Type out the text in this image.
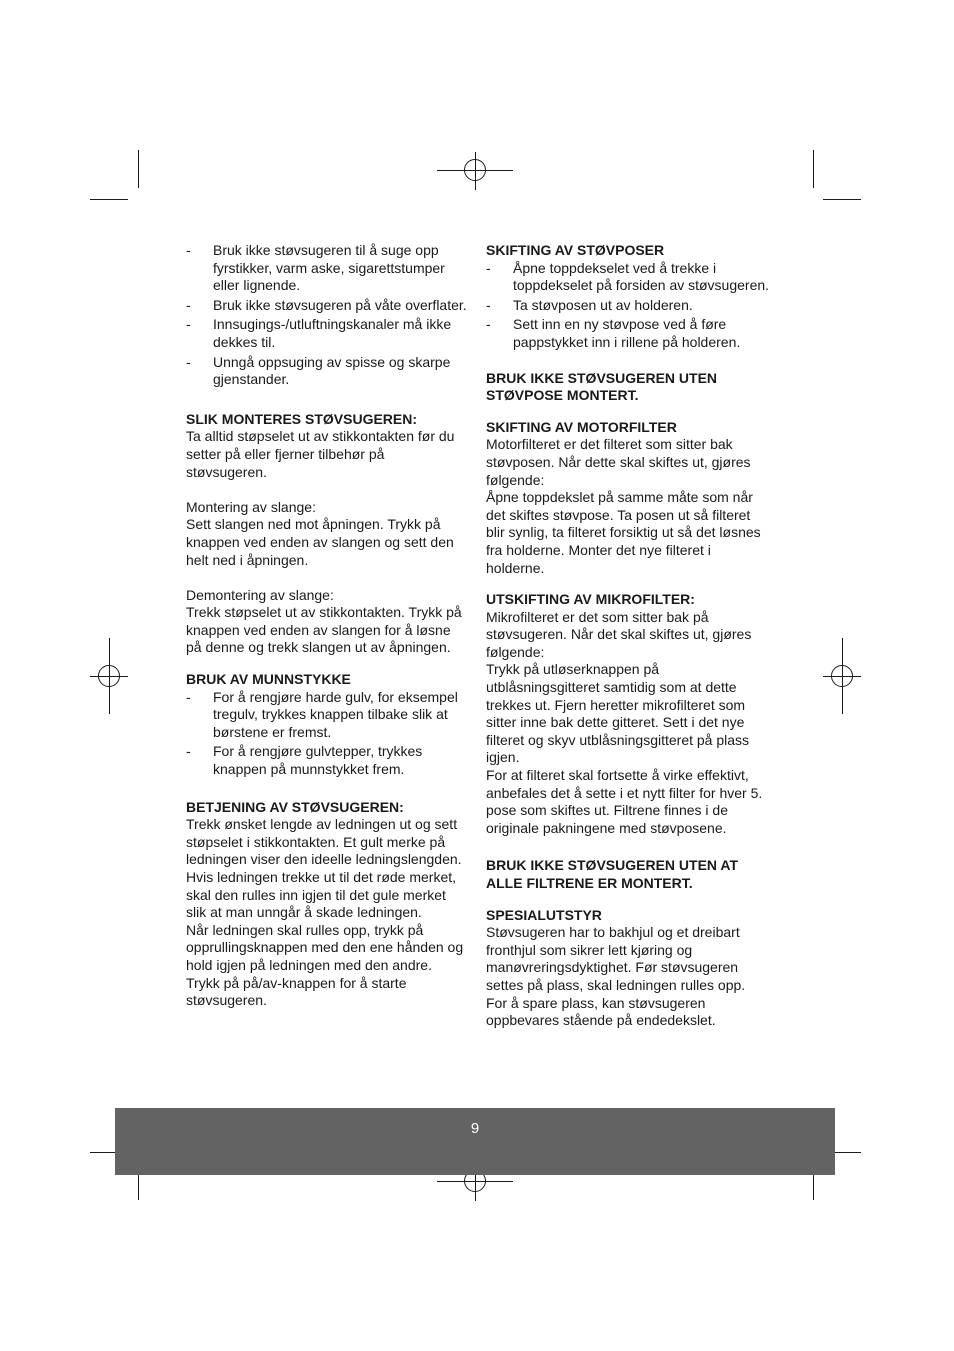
- Bruk ikke støvsugeren til å suge opp fyrstikker, varm aske, sigarettstumper eller lignende.
- Bruk ikke støvsugeren på våte overflater.
- Innsugings-/utluftningskanaler må ikke dekkes til.
- Unngå oppsuging av spisse og skarpe gjenstander.

SLIK MONTERES STØVSUGEREN:

Ta alltid støpselet ut av stikkontakten før du setter på eller fjerner tilbehør på støvsugeren.

Montering av slange:

Sett slangen ned mot åpningen. Trykk på knappen ved enden av slangen og sett den helt ned i åpningen.

Demontering av slange:

Trekk støpselet ut av stikkontakten. Trykk på knappen ved enden av slangen for å løsne på denne og trekk slangen ut av åpningen.

BRUK AV MUNNSTYKKE

- For å rengjøre harde gulv, for eksempel tregulv, trykkes knappen tilbake slik at børstene er fremst.
- For å rengjøre gulvtepper, trykkes knappen på munnstykket frem.

BETJENING AV STØVSUGEREN:

Trekk ønsket lengde av ledningen ut og sett støpselet i stikkontakten. Et gult merke på ledningen viser den ideelle ledningslengden. Hvis ledningen trekke ut til det røde merket, skal den rulles inn igjen til det gule merket slik at man unngår å skade ledningen.

Når ledningen skal rulles opp, trykk på opprullingsknappen med den ene hånden og hold igjen på ledningen med den andre.

Trykk på på/av-knappen for å starte støvsugeren.

SKIFTING AV STØVPOSER

- Åpne toppdekselet ved å trekke i toppdekselet på forsiden av støvsugeren.
- Ta støvposen ut av holderen.
- Sett inn en ny støvpose ved å føre pappstykket inn i rillene på holderen.

BRUK IKKE STØVSUGEREN UTEN STØVPOSE MONTERT.

SKIFTING AV MOTORFILTER

Motorfilteret er det filteret som sitter bak støvposen. Når dette skal skiftes ut, gjøres følgende:

Åpne toppdekslet på samme måte som når det skiftes støvpose. Ta posen ut så filteret blir synlig, ta filteret forsiktig ut så det løsnes fra holderne. Monter det nye filteret i holderne.

UTSKIFTING AV MIKROFILTER:

Mikrofilteret er det som sitter bak på støvsugeren. Når det skal skiftes ut, gjøres følgende:

Trykk på utløserknappen på utblåsningsgitteret samtidig som at dette trekkes ut. Fjern heretter mikrofilteret som sitter inne bak dette gitteret. Sett i det nye filteret og skyv utblåsningsgitteret på plass igjen.

For at filteret skal fortsette å virke effektivt, anbefales det å sette i et nytt filter for hver 5. pose som skiftes ut. Filtrene finnes i de originale pakningene med støvposene.

BRUK IKKE STØVSUGEREN UTEN AT ALLE FILTRENE ER MONTERT.

SPESIALUTSTYR

Støvsugeren har to bakhjul og et dreibart fronthjul som sikrer lett kjøring og manøvreringsdyktighet. Før støvsugeren settes på plass, skal ledningen rulles opp. For å spare plass, kan støvsugeren oppbevares stående på endedekslet.

9
